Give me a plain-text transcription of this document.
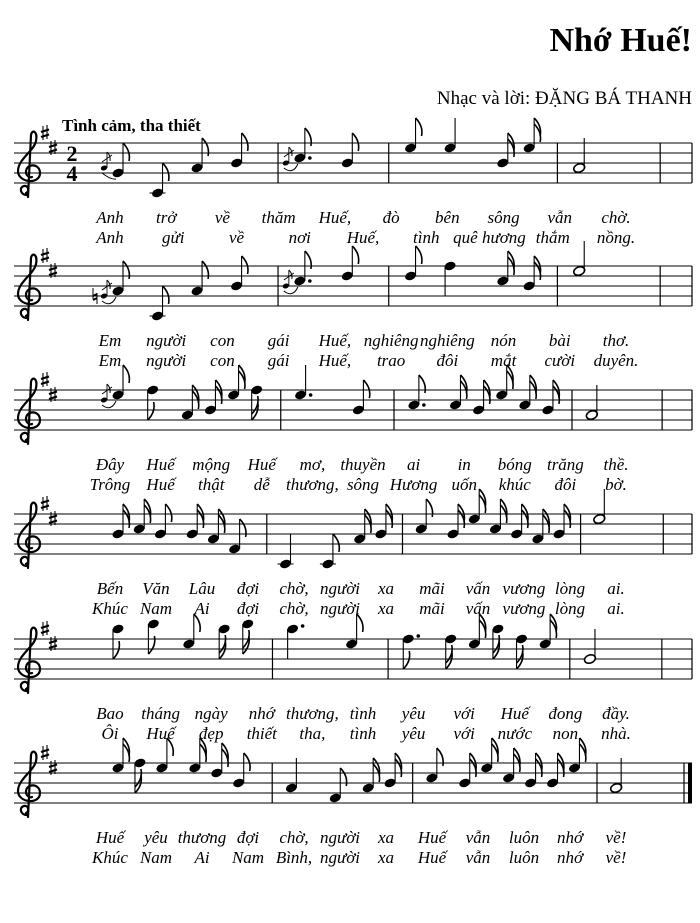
Nhớ Huế!
Nhạc và lời: ĐẶNG BÁ THANH
Tình cảm, tha thiết
2
4
Anh trở về thăm Huế, đò bên sông vẫn chờ.
Anh gửi	về	nơi Huế, tình quê hương thắm nồng.
Em người con gái Huế, nghiêng nghiêng nón bài thơ.
Em người con gái Huế, trao đôi mắt cười duyên.
Đây Huế mộng Huế mơ, thuyền ai in bóng trăng thề.
Trông Huế thật dễ thương, sông Hương uốn khúc đôi bờ.
Bến Văn Lâu đợi chờ, người xa mãi vấn vương lòng ai.
Khúc Nam Ai đợi chờ, người xa mãi vấn vương lòng ai.
Bao tháng ngày nhớ thương, tình yêu với Huế đong đầy.
Ôi Huế đẹp thiết tha, tình yêu với nước non nhà.
Huế yêu thương đợi chờ, người xa Huế vẫn luôn nhớ về!
Khúc Nam Ai Nam Bình, người xa Huế vẫn luôn nhớ về!
